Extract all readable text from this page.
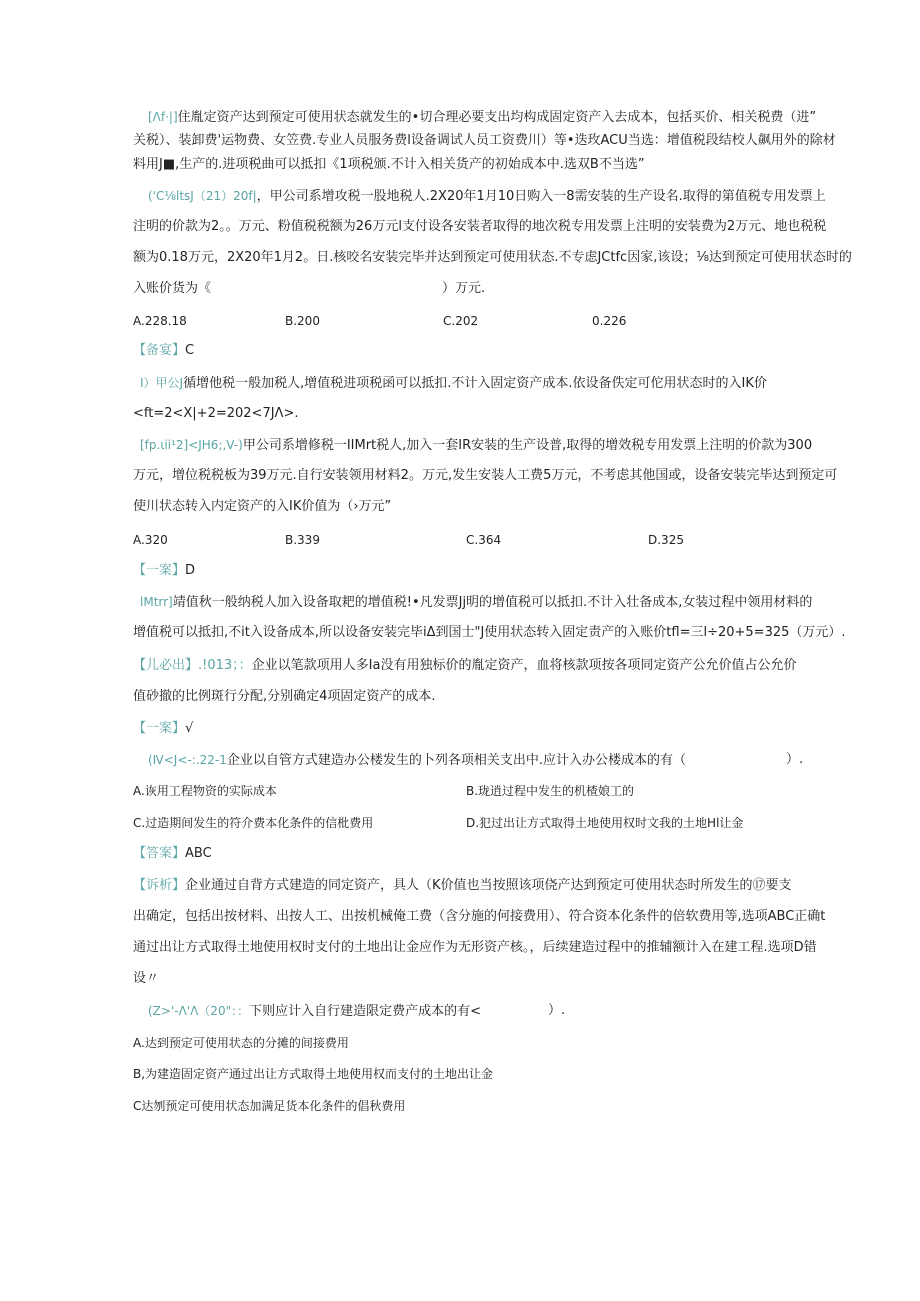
[Λf·|]住胤定资产达到预定可使用状态就发生的•切合理必要支出均构成固定资产入去成本，包括买价、相关税费（进”
关税）、装卸费'运物费、女笠费.专业人员服务费l设备调试人员工资费川）等•迭玫ACU当选：增值税段结校人飙用外的除材
料用J■,生产的.进项税曲可以抵扣《1项税颁.不计入相关货产的初始成本中.选双B不当选”
('C⅛ltsJ（21）20f|，甲公司系增攻税一股地税人.2X20年1月10日购入一8需安装的生产设名.取得的第值税专用发票上
注明的价款为2。。万元、粉值税税额为26万元l支付设各安装者取得的地次税专用发票上注明的安装费为2万元、地也税税
额为0.18万元，2X20年1月2。日.核咬名安装完毕并达到预定可使用状态.不专虑JCtfc因家,该设；⅛达到预定可使用状态时的
入账价货为《	）万元.
A.228.18	B.200	C.202	0.226
【备宴】C
I）甲公J循增他税一般加税人,增值税进项税函可以抵扣.不计入固定资产成本.依设备佚定可佗用状态时的入IK价
<ft=2<X|+2=202<7JΛ>.
[fp.ιii¹2]<JH6;,V-)甲公司系增修税一IIMrt税人,加入一套IR安装的生产设普,取得的增效税专用发票上注明的价款为300
万元，增位税税板为39万元.自行安装领用材料2。万元,发生安装人工费5万元，不考虑其他国或，设备安装完毕达到预定可
使川状态转入内定资产的入IK价值为（›万元”
A.320	B.339	C.364	D.325
【一案】D
lMtrr]靖值秋一般纳税人加入设备取耙的增值税!•凡发票Jj明的增值税可以抵扣.不计入壮备成本,女装过程中领用材料的
增值税可以抵扣,不it入设备成本,所以设备安装完毕iΔ到国士"J使用状态转入固定责产的入账价tfl=三l÷20+5=325（万元）.
【儿必出】.!013；：企业以笔款项用人多Ia没有用独标价的胤定资产，血将核款项按各项同定资产公允价值占公允价
值砂撤的比例斑行分配,分别确定4项固定资产的成本.
【一案】√
(Ⅳ<J<-:.22-1企业以自管方式建造办公楼发生的卜列各项相关支出中.应计入办公楼成本的有（	）.
A.诙用工程物资的实际成本	B.珑逍过程中发生的机楂娘工的
C.过造期间发生的符介费本化条件的信枇费用	D.犯过出让方式取得土地使用权时文我的土地Hl让金
【答案】ABC
【诉析】企业通过自背方式建造的同定资产，具人（K价值也当按照该项侥产达到预定可使用状态时所发生的⑰要支
出确定，包括出按材料、出按人工、出按机械俺工费（含分施的何接费用）、符合资本化条件的倍软费用等,选项ABC正确t
通过出让方式取得土地使用权时支付的土地出让金应作为无形资产核。，后续建造过程中的推辅额计入在建工程.选项D错
设〃
(Z>'-Λ'Λ（20"：：下则应计入自行建造限定费产成本的有<	）.
A.达到预定可使用状态的分摊的间接费用
B,为建造固定资产通过出让方式取得土地使用权而支付的土地出让金
C达刎预定可使用状态加满足货本化条件的倡秋费用
